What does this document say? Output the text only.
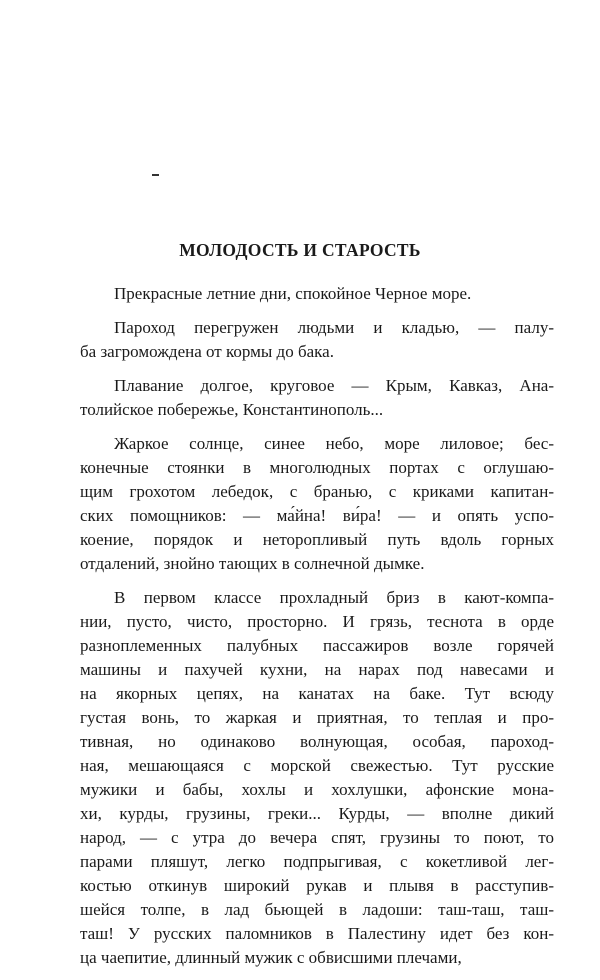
МОЛОДОСТЬ И СТАРОСТЬ
Прекрасные летние дни, спокойное Черное море.
Пароход перегружен людьми и кладью, — палу-
ба загромождена от кормы до бака.
Плавание долгое, круговое — Крым, Кавказ, Ана-
толийское побережье, Константинополь...
Жаркое солнце, синее небо, море лиловое; бес-
конечные стоянки в многолюдных портах с оглушаю-
щим грохотом лебедок, с бранью, с криками капитан-
ских помощников: — ма́йна! ви́ра! — и опять успо-
коение, порядок и неторопливый путь вдоль горных
отдалений, знойно тающих в солнечной дымке.
В первом классе прохладный бриз в кают-компа-
нии, пусто, чисто, просторно. И грязь, теснота в орде
разноплеменных палубных пассажиров возле горячей
машины и пахучей кухни, на нарах под навесами и
на якорных цепях, на канатах на баке. Тут всюду
густая вонь, то жаркая и приятная, то теплая и про-
тивная, но одинаково волнующая, особая, пароход-
ная, мешающаяся с морской свежестью. Тут русские
мужики и бабы, хохлы и хохлушки, афонские мона-
хи, курды, грузины, греки... Курды, — вполне дикий
народ, — с утра до вечера спят, грузины то поют, то
парами пляшут, легко подпрыгивая, с кокетливой лег-
костью откинув широкий рукав и плывя в расступив-
шейся толпе, в лад бьющей в ладоши: таш-таш, таш-
таш! У русских паломников в Палестину идет без кон-
ца чаепитие, длинный мужик с обвисшими плечами,
